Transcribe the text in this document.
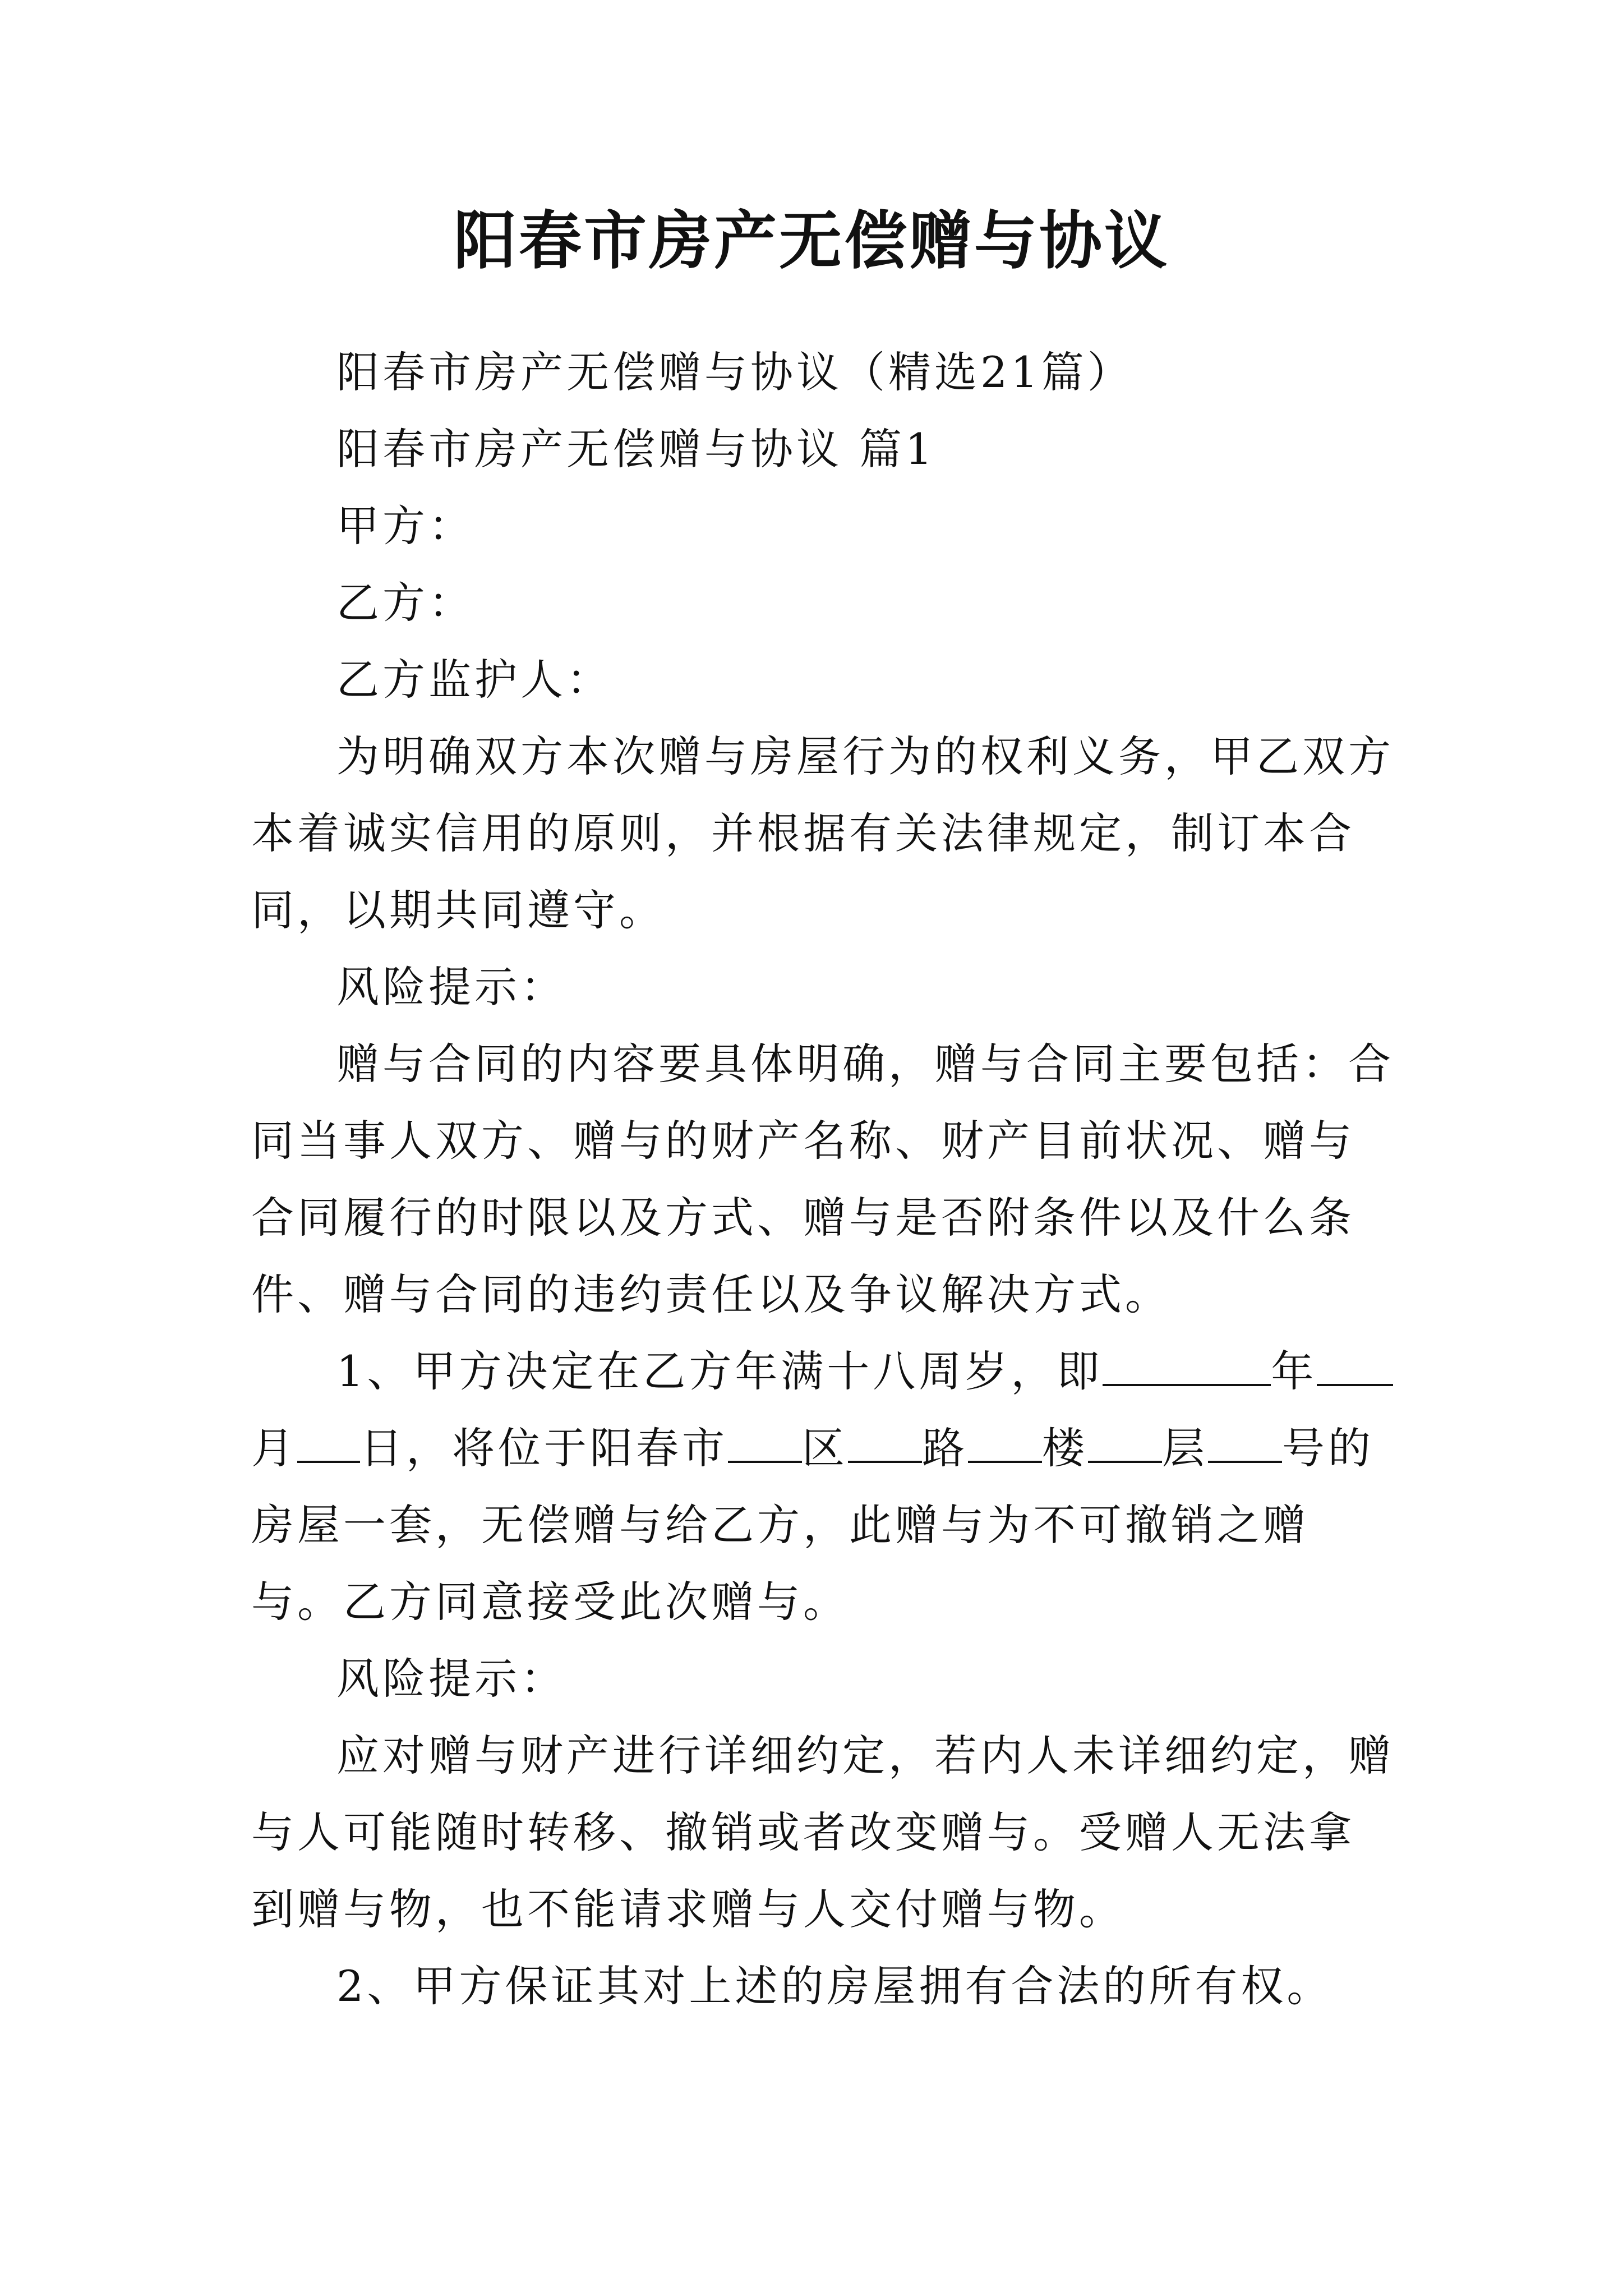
阳春市房产无偿赠与协议

阳春市房产无偿赠与协议（精选21篇）

阳春市房产无偿赠与协议 篇1

甲方：

乙方：

乙方监护人：

为明确双方本次赠与房屋行为的权利义务，甲乙双方本着诚实信用的原则，并根据有关法律规定，制订本合同，以期共同遵守。

风险提示：

赠与合同的内容要具体明确，赠与合同主要包括：合同当事人双方、赠与的财产名称、财产目前状况、赠与合同履行的时限以及方式、赠与是否附条件以及什么条件、赠与合同的违约责任以及争议解决方式。

1、甲方决定在乙方年满十八周岁，即	年月 日，将位于阳春市 区 路 楼 层 号的房屋一套，无偿赠与给乙方，此赠与为不可撤销之赠与。乙方同意接受此次赠与。

风险提示：

应对赠与财产进行详细约定，若内人未详细约定，赠与人可能随时转移、撤销或者改变赠与。受赠人无法拿到赠与物，也不能请求赠与人交付赠与物。

2、甲方保证其对上述的房屋拥有合法的所有权。
